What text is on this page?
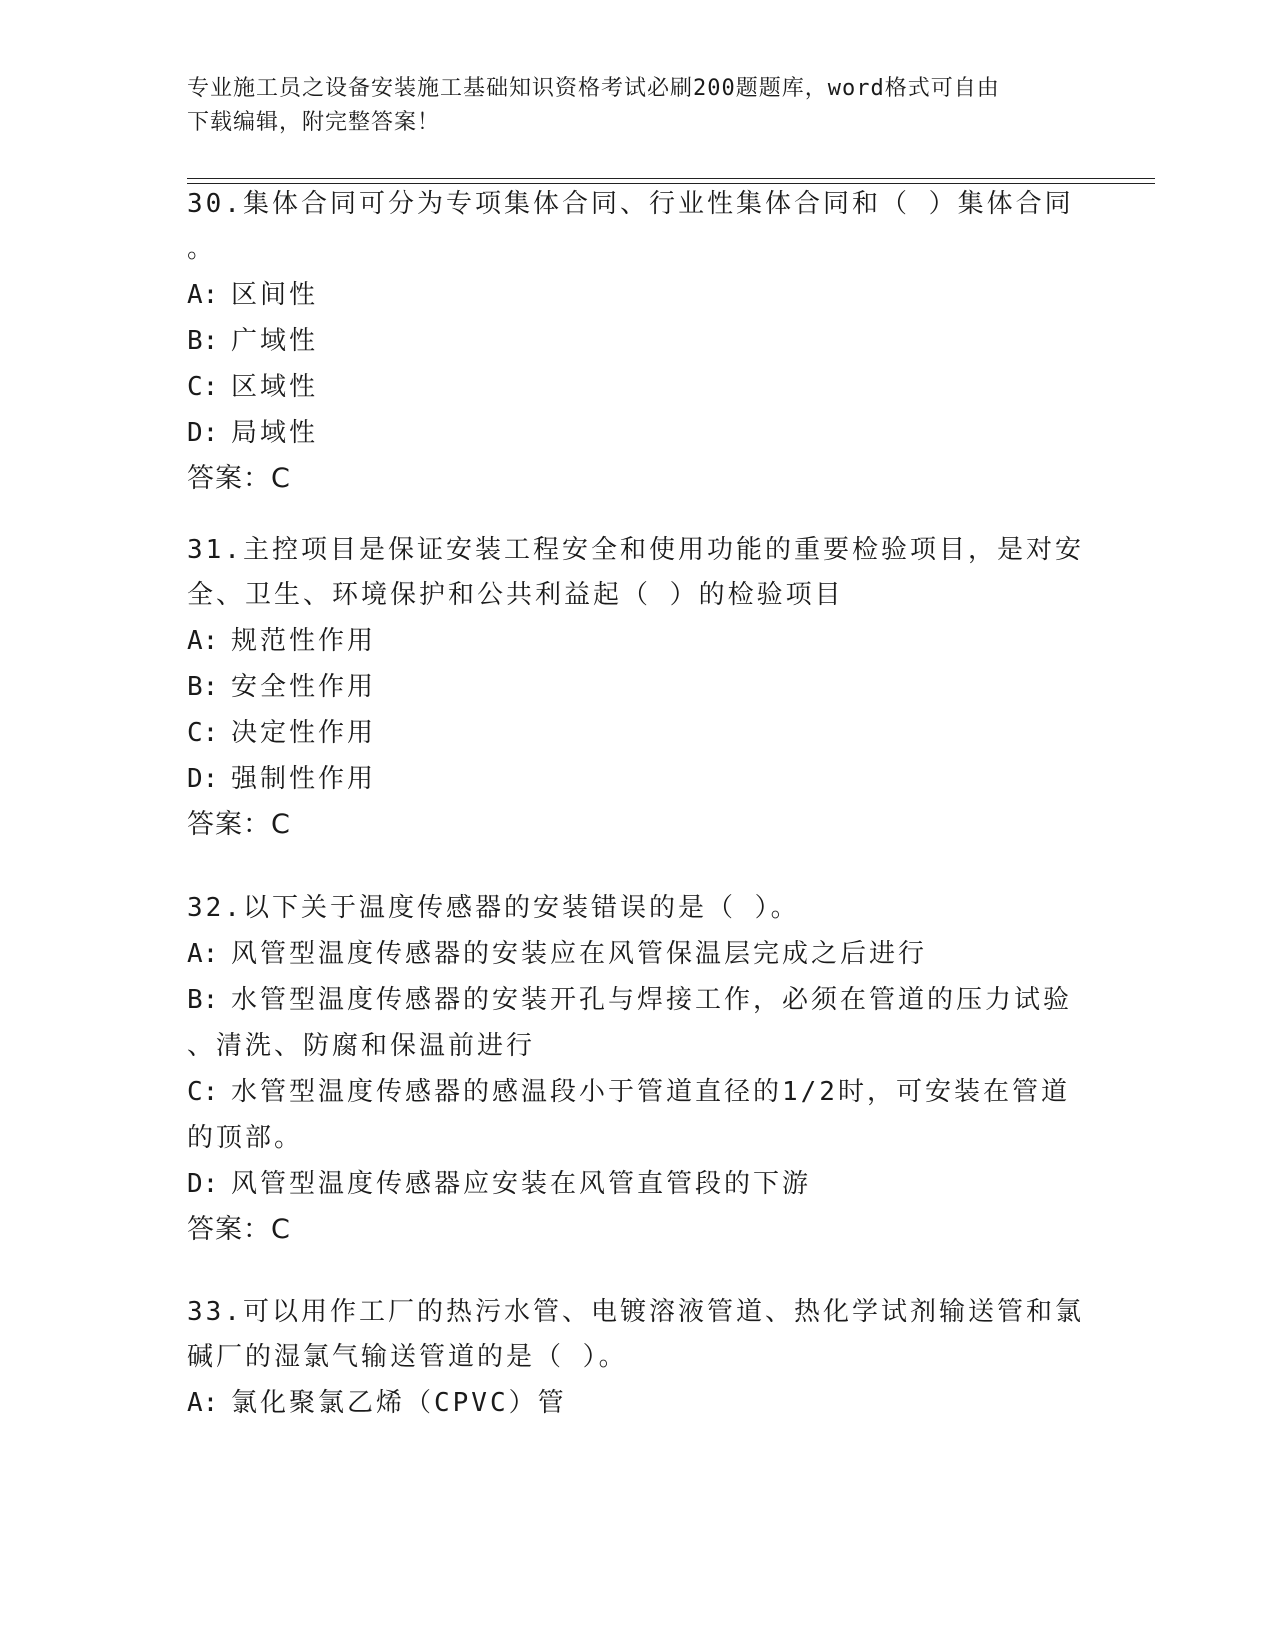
专业施工员之设备安装施工基础知识资格考试必刷200题题库，word格式可自由
下载编辑，附完整答案！
30.集体合同可分为专项集体合同、行业性集体合同和（ ）集体合同
。
A: 区间性
B: 广域性
C: 区域性
D: 局域性
答案：C
31.主控项目是保证安装工程安全和使用功能的重要检验项目，是对安
全、卫生、环境保护和公共利益起（ ）的检验项目
A: 规范性作用
B: 安全性作用
C: 决定性作用
D: 强制性作用
答案：C
32.以下关于温度传感器的安装错误的是（ ）。
A: 风管型温度传感器的安装应在风管保温层完成之后进行
B: 水管型温度传感器的安装开孔与焊接工作，必须在管道的压力试验
、清洗、防腐和保温前进行
C: 水管型温度传感器的感温段小于管道直径的1/2时，可安装在管道
的顶部。
D: 风管型温度传感器应安装在风管直管段的下游
答案：C
33.可以用作工厂的热污水管、电镀溶液管道、热化学试剂输送管和氯
碱厂的湿氯气输送管道的是（ ）。
A: 氯化聚氯乙烯（CPVC）管
